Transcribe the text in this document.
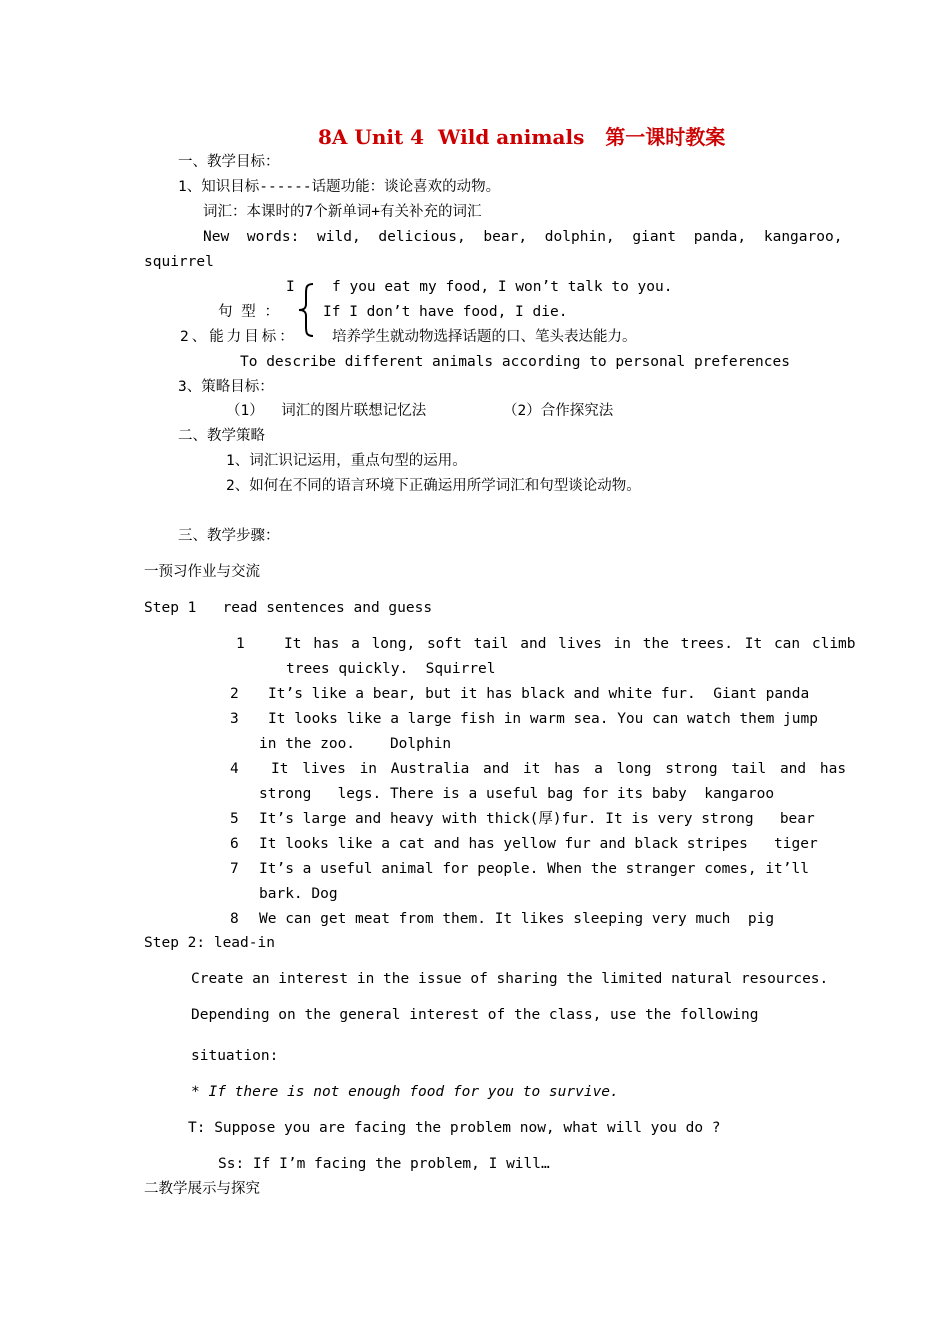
8A Unit 4  Wild animals   第一课时教案
一、教学目标：
1、知识目标------话题功能：谈论喜欢的动物。
词汇：本课时的7个新单词+有关补充的词汇
New words: wild, delicious, bear, dolphin, giant panda, kangaroo,
squirrel
I	f you eat my food, I won’t talk to you.
句 型 ：	If I don’t have food, I die.
2、能力目标： 培养学生就动物选择话题的口、笔头表达能力。
To describe different animals according to personal preferences
3、策略目标：
（1）  词汇的图片联想记忆法	（2）合作探究法
二、教学策略
1、词汇识记运用，重点句型的运用。
2、如何在不同的语言环境下正确运用所学词汇和句型谈论动物。
三、教学步骤：
一预习作业与交流
Step 1   read sentences and guess
1	It has a long, soft tail and lives in the trees. It can climb
trees quickly.  Squirrel
2 It’s like a bear, but it has black and white fur.  Giant panda
3 It looks like a large fish in warm sea. You can watch them jump
in the zoo.    Dolphin
4 It lives in Australia and it has a long strong tail and has
strong   legs. There is a useful bag for its baby  kangaroo
5 It’s large and heavy with thick(厚)fur. It is very strong   bear
6 It looks like a cat and has yellow fur and black stripes   tiger
7 It’s a useful animal for people. When the stranger comes, it’ll
bark. Dog
8 We can get meat from them. It likes sleeping very much  pig
Step 2: lead-in
Create an interest in the issue of sharing the limited natural resources.
Depending on the general interest of the class, use the following
situation:
* If there is not enough food for you to survive.
T: Suppose you are facing the problem now, what will you do ?
Ss: If I’m facing the problem, I will…
二教学展示与探究
